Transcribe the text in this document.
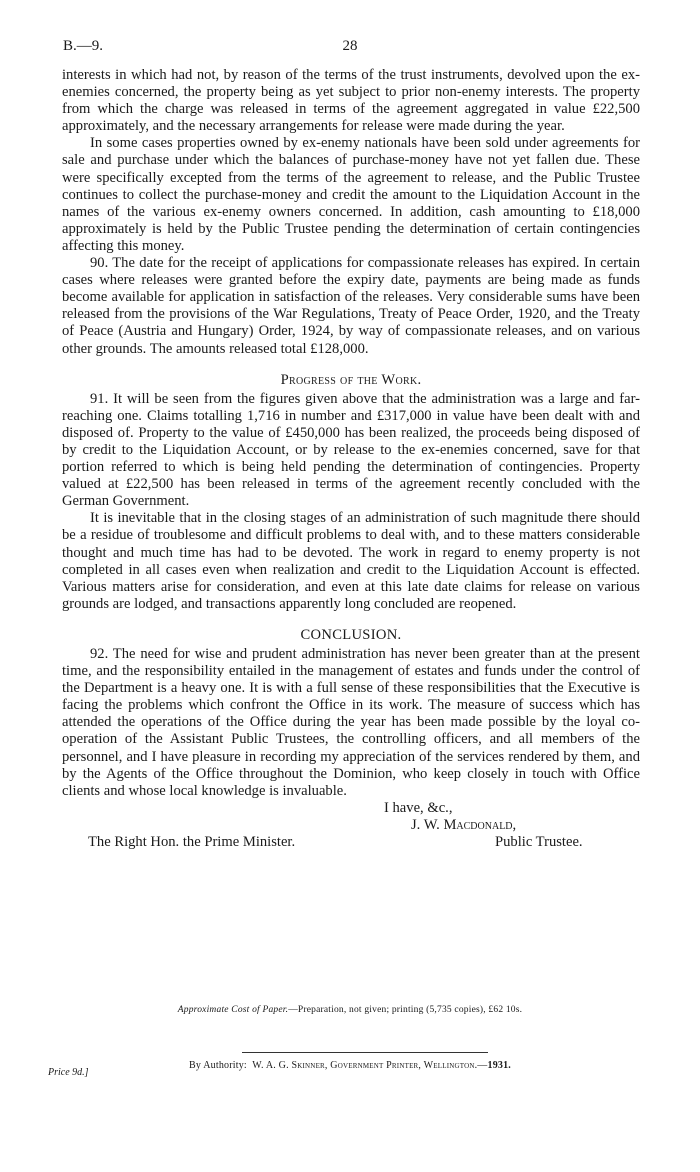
B.—9.	28

interests in which had not, by reason of the terms of the trust instruments, devolved upon the ex-enemies concerned, the property being as yet subject to prior non-enemy interests. The property from which the charge was released in terms of the agreement aggregated in value £22,500 approximately, and the necessary arrangements for release were made during the year.

In some cases properties owned by ex-enemy nationals have been sold under agreements for sale and purchase under which the balances of purchase-money have not yet fallen due. These were specifically excepted from the terms of the agreement to release, and the Public Trustee continues to collect the purchase-money and credit the amount to the Liquidation Account in the names of the various ex-enemy owners concerned. In addition, cash amounting to £18,000 approximately is held by the Public Trustee pending the determination of certain contingencies affecting this money.

90. The date for the receipt of applications for compassionate releases has expired. In certain cases where releases were granted before the expiry date, payments are being made as funds become available for application in satisfaction of the releases. Very considerable sums have been released from the provisions of the War Regulations, Treaty of Peace Order, 1920, and the Treaty of Peace (Austria and Hungary) Order, 1924, by way of compassionate releases, and on various other grounds. The amounts released total £128,000.

Progress of the Work.

91. It will be seen from the figures given above that the administration was a large and far-reaching one. Claims totalling 1,716 in number and £317,000 in value have been dealt with and disposed of. Property to the value of £450,000 has been realized, the proceeds being disposed of by credit to the Liquidation Account, or by release to the ex-enemies concerned, save for that portion referred to which is being held pending the determination of contingencies. Property valued at £22,500 has been released in terms of the agreement recently concluded with the German Government.

It is inevitable that in the closing stages of an administration of such magnitude there should be a residue of troublesome and difficult problems to deal with, and to these matters considerable thought and much time has had to be devoted. The work in regard to enemy property is not completed in all cases even when realization and credit to the Liquidation Account is effected. Various matters arise for consideration, and even at this late date claims for release on various grounds are lodged, and transactions apparently long concluded are reopened.

CONCLUSION.

92. The need for wise and prudent administration has never been greater than at the present time, and the responsibility entailed in the management of estates and funds under the control of the Department is a heavy one. It is with a full sense of these responsibilities that the Executive is facing the problems which confront the Office in its work. The measure of success which has attended the operations of the Office during the year has been made possible by the loyal co-operation of the Assistant Public Trustees, the controlling officers, and all members of the personnel, and I have pleasure in recording my appreciation of the services rendered by them, and by the Agents of the Office throughout the Dominion, who keep closely in touch with Office clients and whose local knowledge is invaluable.

I have, &c.,
J. W. Macdonald,
The Right Hon. the Prime Minister.	Public Trustee.
Approximate Cost of Paper.—Preparation, not given; printing (5,735 copies), £62 10s.
By Authority: W. A. G. Skinner, Government Printer, Wellington.—1931.
Price 9d.]
